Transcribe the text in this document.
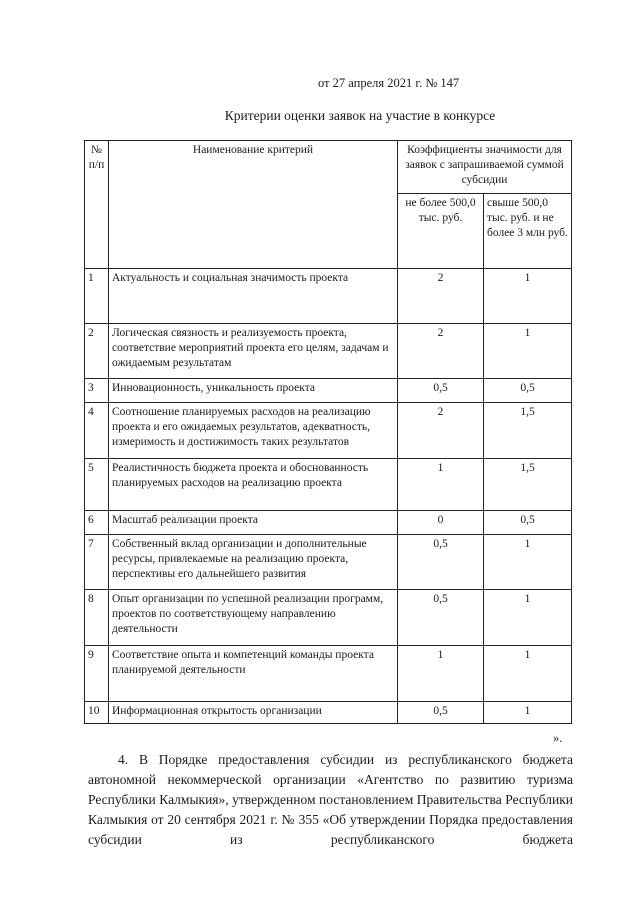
от 27 апреля 2021 г. № 147
Критерии оценки заявок на участие в конкурсе
№ п/п	Наименование критерий	Коэффициенты значимости для заявок с запрашиваемой суммой субсидии	
		не более 500,0 тыс. руб.	свыше 500,0 тыс. руб. и не более 3 млн руб.
1	Актуальность и социальная значимость проекта	2	1
2	Логическая связность и реализуемость проекта, соответствие мероприятий проекта его целям, задачам и ожидаемым результатам	2	1
3	Инновационность, уникальность проекта	0,5	0,5
4	Соотношение планируемых расходов на реализацию проекта и его ожидаемых результатов, адекватность, измеримость и достижимость таких результатов	2	1,5
5	Реалистичность бюджета проекта и обоснованность планируемых расходов на реализацию проекта	1	1,5
6	Масштаб реализации проекта	0	0,5
7	Собственный вклад организации и дополнительные ресурсы, привлекаемые на реализацию проекта, перспективы его дальнейшего развития	0,5	1
8	Опыт организации по успешной реализации программ, проектов по соответствующему направлению деятельности	0,5	1
9	Соответствие опыта и компетенций команды проекта планируемой деятельности	1	1
10	Информационная открытость организации	0,5	1
».
4. В Порядке предоставления субсидии из республиканского бюджета автономной некоммерческой организации «Агентство по развитию туризма Республики Калмыкия», утвержденном постановлением Правительства Республики Калмыкия от 20 сентября 2021 г. № 355 «Об утверждении Порядка предоставления субсидии из республиканского бюджета
